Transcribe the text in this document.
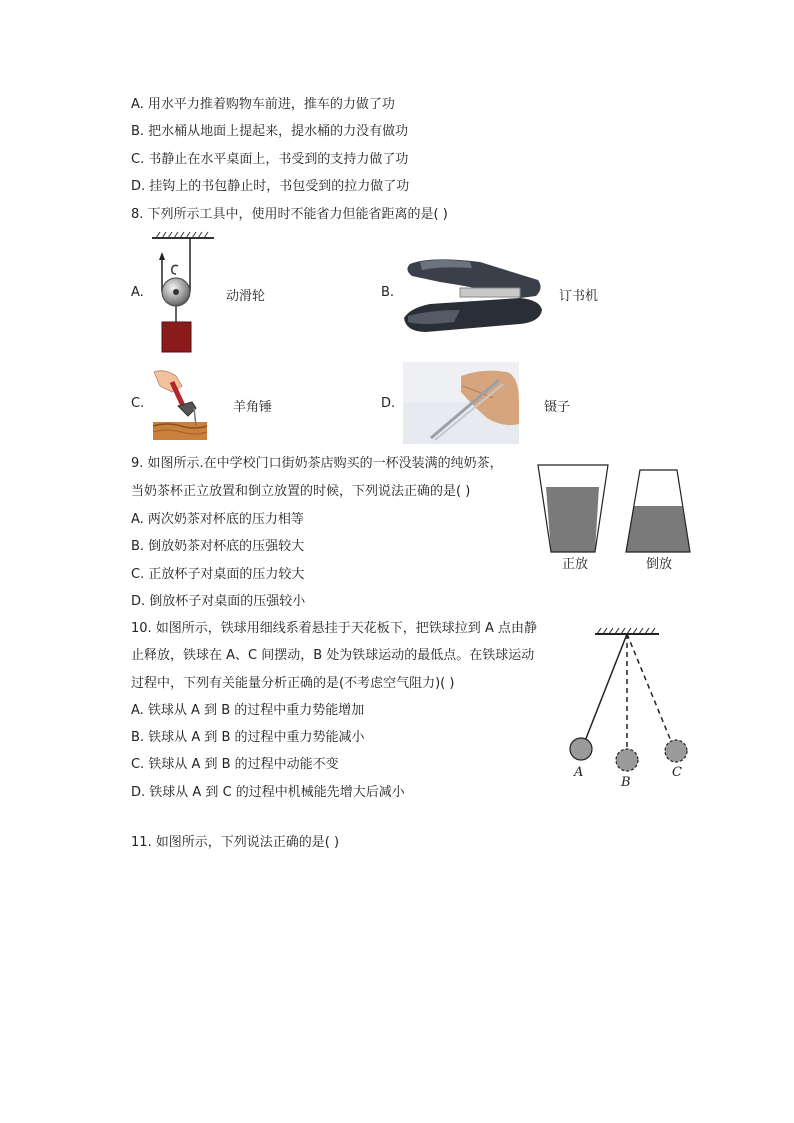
A. 用水平力推着购物车前进，推车的力做了功
B. 把水桶从地面上提起来，提水桶的力没有做功
C. 书静止在水平桌面上，书受到的支持力做了功
D. 挂钩上的书包静止时，书包受到的拉力做了功
8. 下列所示工具中，使用时不能省力但能省距离的是( )
A.	动滑轮	B.	订书机
C.	羊角锤	D.	镊子
9. 如图所示.在中学校门口街奶茶店购买的一杯没装满的纯奶茶，
当奶茶杯正立放置和倒立放置的时候，下列说法正确的是( )
A. 两次奶茶对杯底的压力相等
B. 倒放奶茶对杯底的压强较大
C. 正放杯子对桌面的压力较大
D. 倒放杯子对桌面的压强较小
正放	倒放
10. 如图所示，铁球用细线系着悬挂于天花板下，把铁球拉到 A 点由静
止释放，铁球在 A、C 间摆动，B 处为铁球运动的最低点。在铁球运动
过程中，下列有关能量分析正确的是(不考虑空气阻力)( )
A. 铁球从 A 到 B 的过程中重力势能增加
B. 铁球从 A 到 B 的过程中重力势能减小
C. 铁球从 A 到 B 的过程中动能不变
D. 铁球从 A 到 C 的过程中机械能先增大后减小
A
B
C
11. 如图所示，下列说法正确的是( )
